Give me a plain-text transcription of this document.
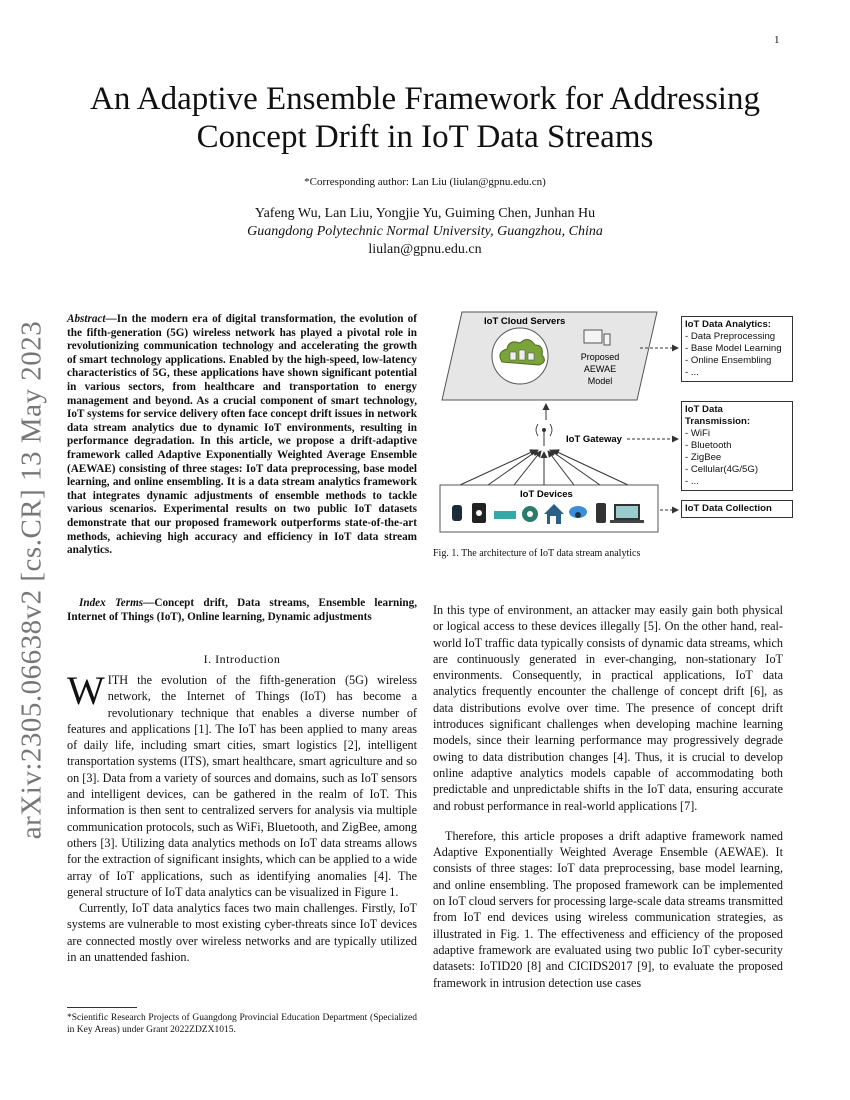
1
arXiv:2305.06638v2 [cs.CR] 13 May 2023
An Adaptive Ensemble Framework for Addressing Concept Drift in IoT Data Streams
*Corresponding author: Lan Liu (liulan@gpnu.edu.cn)
Yafeng Wu, Lan Liu, Yongjie Yu, Guiming Chen, Junhan Hu
Guangdong Polytechnic Normal University, Guangzhou, China
liulan@gpnu.edu.cn

Abstract—In the modern era of digital transformation, the evolution of the fifth-generation (5G) wireless network has played a pivotal role in revolutionizing communication technology and accelerating the growth of smart technology applications. Enabled by the high-speed, low-latency characteristics of 5G, these applications have shown significant potential in various sectors, from healthcare and transportation to energy management and beyond. As a crucial component of smart technology, IoT systems for service delivery often face concept drift issues in network data stream analytics due to dynamic IoT environments, resulting in performance degradation. In this article, we propose a drift-adaptive framework called Adaptive Exponentially Weighted Average Ensemble (AEWAE) consisting of three stages: IoT data preprocessing, base model learning, and online ensembling. It is a data stream analytics framework that integrates dynamic adjustments of ensemble methods to tackle various scenarios. Experimental results on two public IoT datasets demonstrate that our proposed framework outperforms state-of-the-art methods, achieving high accuracy and efficiency in IoT data stream analytics.

Index Terms—Concept drift, Data streams, Ensemble learning, Internet of Things (IoT), Online learning, Dynamic adjustments

I. Introduction

WITH the evolution of the fifth-generation (5G) wireless network, the Internet of Things (IoT) has become a revolutionary technique that enables a diverse number of features and applications [1]. The IoT has been applied to many areas of daily life, including smart cities, smart logistics [2], intelligent transportation systems (ITS), smart healthcare, smart agriculture and so on [3]. Data from a variety of sources and domains, such as IoT sensors and intelligent devices, can be gathered in the realm of IoT. This information is then sent to centralized servers for analysis via multiple communication protocols, such as WiFi, Bluetooth, and ZigBee, among others [3]. Utilizing data analytics methods on IoT data streams allows for the extraction of significant insights, which can be applied to a wide array of IoT applications, such as identifying anomalies [4]. The general structure of IoT data analytics can be visualized in Figure 1.

Currently, IoT data analytics faces two main challenges. Firstly, IoT systems are vulnerable to most existing cyber-threats since IoT devices are connected mostly over wireless networks and are typically utilized in an unattended fashion.

*Scientific Research Projects of Guangdong Provincial Education Department (Specialized in Key Areas) under Grant 2022ZDZX1015.
IoT Cloud Servers
Proposed
AEWAE
Model
IoT Gateway
IoT Devices
IoT Data Analytics:
- Data Preprocessing
- Base Model Learning
- Online Ensembling
- ...
IoT Data Transmission:
- WiFi
- Bluetooth
- ZigBee
- Cellular(4G/5G)
- ...
IoT Data Collection
Fig. 1. The architecture of IoT data stream analytics

In this type of environment, an attacker may easily gain both physical or logical access to these devices illegally [5]. On the other hand, real-world IoT traffic data typically consists of dynamic data streams, which are continuously generated in ever-changing, non-stationary IoT environments. Consequently, in practical applications, IoT data analytics frequently encounter the challenge of concept drift [6], as data distributions evolve over time. The presence of concept drift introduces significant challenges when developing machine learning models, since their learning performance may progressively degrade owing to data distribution changes [4]. Thus, it is crucial to develop online adaptive analytics models capable of accommodating both predictable and unpredictable shifts in the IoT data, ensuring accurate and robust performance in real-world applications [7].

Therefore, this article proposes a drift adaptive framework named Adaptive Exponentially Weighted Average Ensemble (AEWAE). It consists of three stages: IoT data preprocessing, base model learning, and online ensembling. The proposed framework can be implemented on IoT cloud servers for processing large-scale data streams transmitted from IoT end devices using wireless communication strategies, as illustrated in Fig. 1. The effectiveness and efficiency of the proposed adaptive framework are evaluated using two public IoT cyber-security datasets: IoTID20 [8] and CICIDS2017 [9], to evaluate the proposed framework in intrusion detection use cases
